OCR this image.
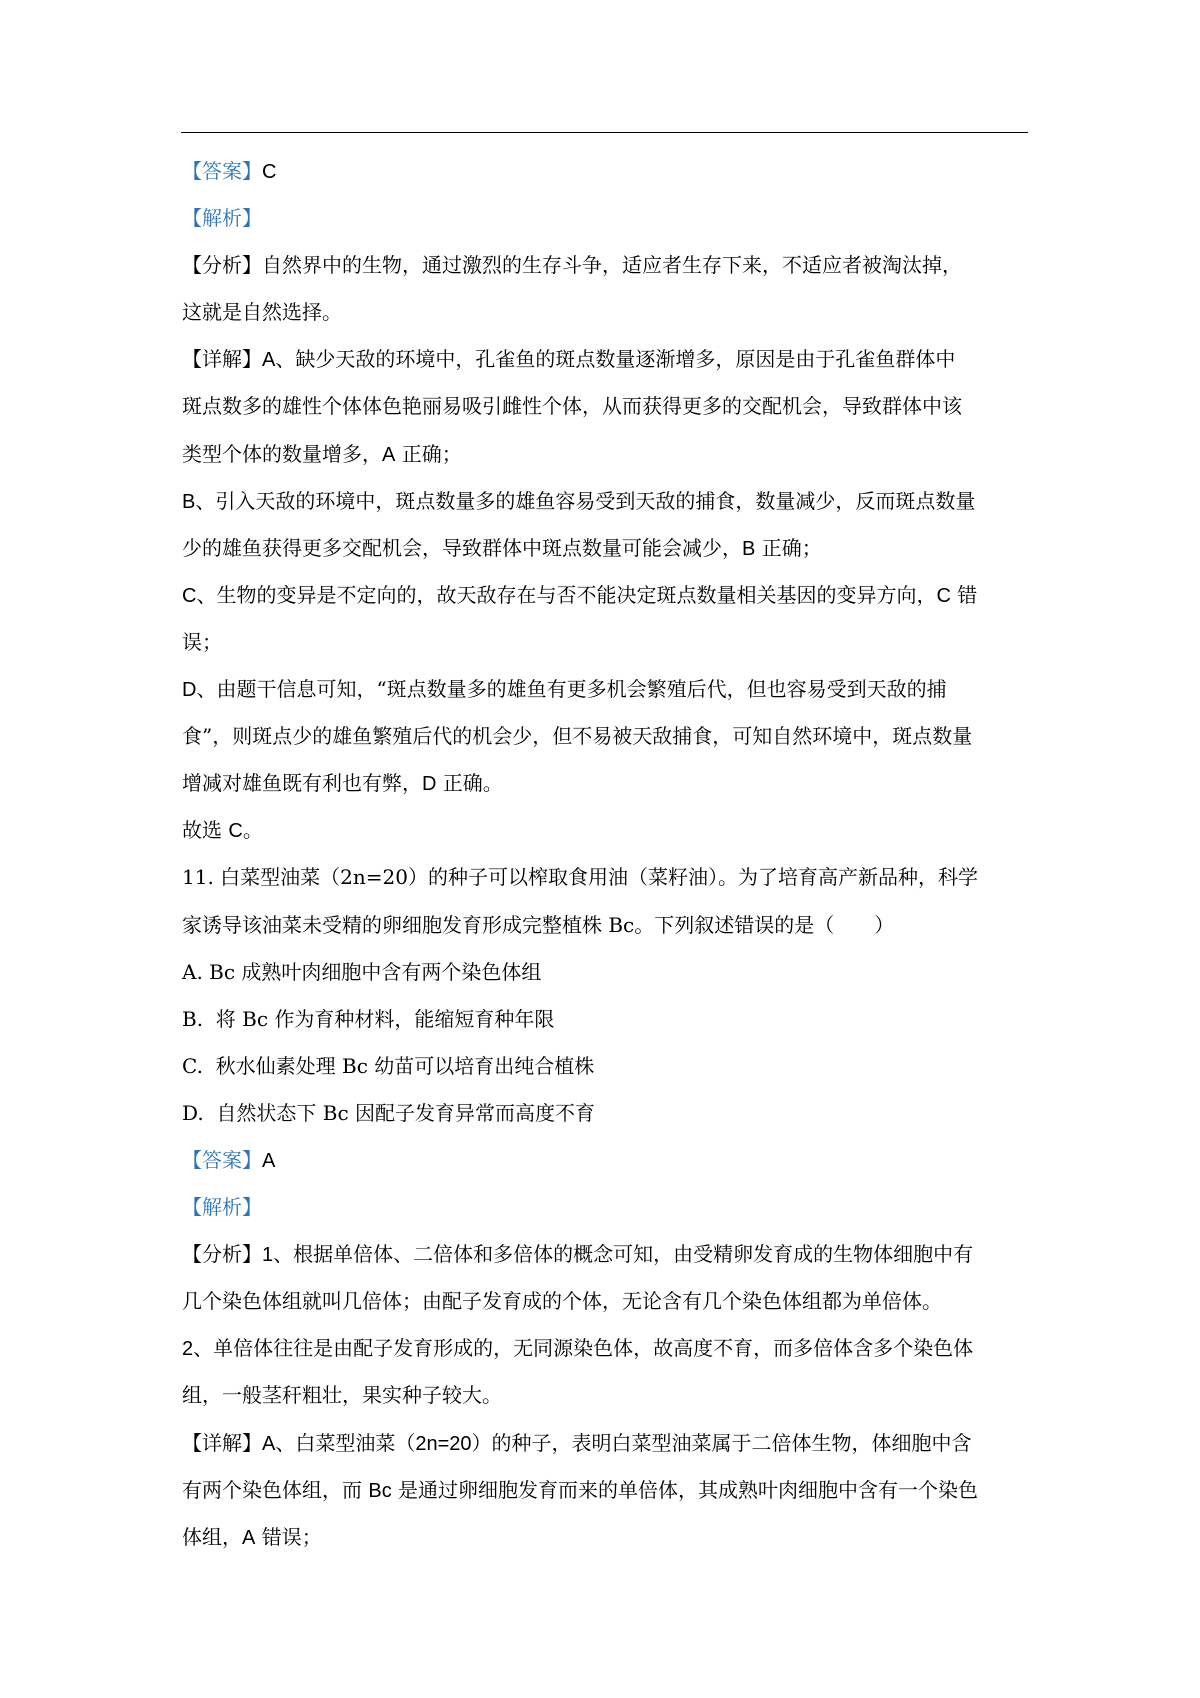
【答案】C
【解析】
【分析】自然界中的生物，通过激烈的生存斗争，适应者生存下来，不适应者被淘汰掉，
这就是自然选择。
【详解】A、缺少天敌的环境中，孔雀鱼的斑点数量逐渐增多，原因是由于孔雀鱼群体中
斑点数多的雄性个体体色艳丽易吸引雌性个体，从而获得更多的交配机会，导致群体中该
类型个体的数量增多，A 正确；
B、引入天敌的环境中，斑点数量多的雄鱼容易受到天敌的捕食，数量减少，反而斑点数量
少的雄鱼获得更多交配机会，导致群体中斑点数量可能会减少，B 正确；
C、生物的变异是不定向的，故天敌存在与否不能决定斑点数量相关基因的变异方向，C 错
误；
D、由题干信息可知，“斑点数量多的雄鱼有更多机会繁殖后代，但也容易受到天敌的捕
食”，则斑点少的雄鱼繁殖后代的机会少，但不易被天敌捕食，可知自然环境中，斑点数量
增减对雄鱼既有利也有弊，D 正确。
故选 C。
11. 白菜型油菜（2n=20）的种子可以榨取食用油（菜籽油）。为了培育高产新品种，科学
家诱导该油菜未受精的卵细胞发育形成完整植株 Bc。下列叙述错误的是（　　）
A. Bc 成熟叶肉细胞中含有两个染色体组
B.  将 Bc 作为育种材料，能缩短育种年限
C.  秋水仙素处理 Bc 幼苗可以培育出纯合植株
D.  自然状态下 Bc 因配子发育异常而高度不育
【答案】A
【解析】
【分析】1、根据单倍体、二倍体和多倍体的概念可知，由受精卵发育成的生物体细胞中有
几个染色体组就叫几倍体；由配子发育成的个体，无论含有几个染色体组都为单倍体。
2、单倍体往往是由配子发育形成的，无同源染色体，故高度不育，而多倍体含多个染色体
组，一般茎秆粗壮，果实种子较大。
【详解】A、白菜型油菜（2n=20）的种子，表明白菜型油菜属于二倍体生物，体细胞中含
有两个染色体组，而 Bc 是通过卵细胞发育而来的单倍体，其成熟叶肉细胞中含有一个染色
体组，A 错误；
